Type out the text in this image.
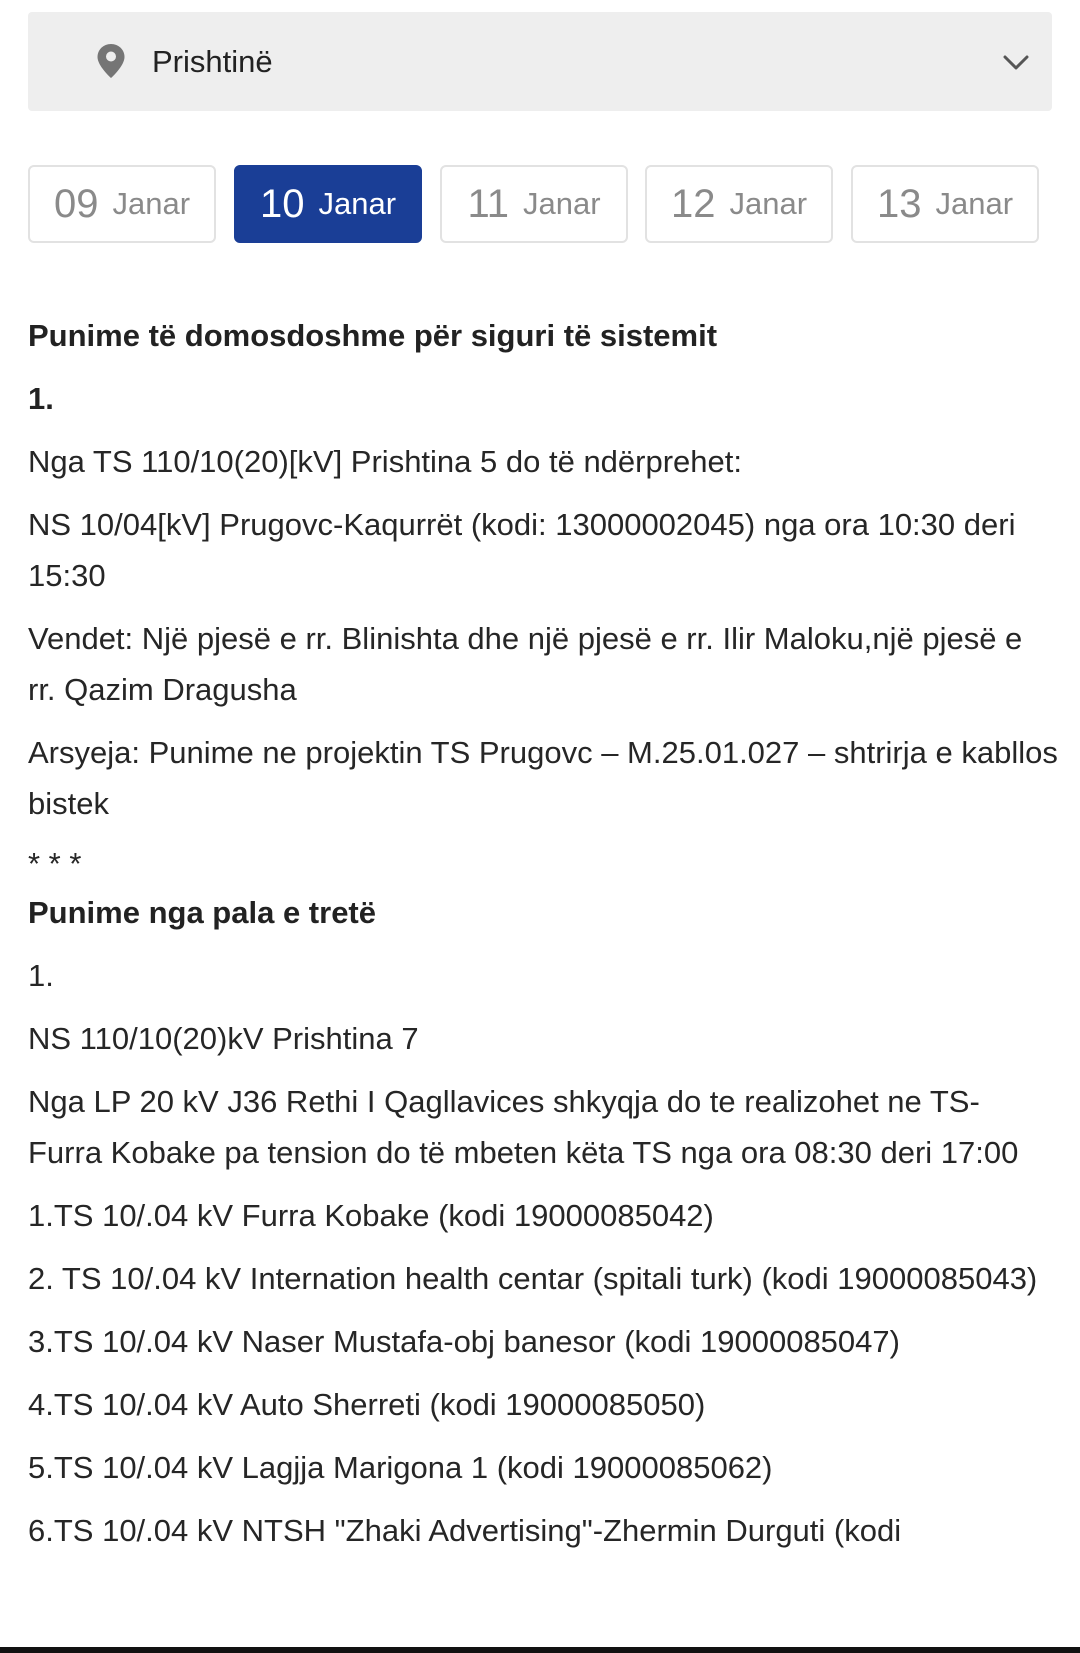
Prishtinë
09 Janar 10 Janar 11 Janar 12 Janar 13 Janar

Punime të domosdoshme për siguri të sistemit

1.

Nga TS 110/10(20)[kV] Prishtina 5 do të ndërprehet:

NS 10/04[kV] Prugovc-Kaqurrët (kodi: 13000002045) nga ora 10:30 deri 15:30

Vendet: Një pjesë e rr. Blinishta dhe një pjesë e rr. Ilir Maloku,një pjesë e rr. Qazim Dragusha

Arsyeja: Punime ne projektin TS Prugovc – M.25.01.027 – shtrirja e kabllos bistek

* * *

Punime nga pala e tretë

1.

NS 110/10(20)kV Prishtina 7

Nga LP 20 kV J36 Rethi I Qagllavices shkyqja do te realizohet ne TS- Furra Kobake pa tension do të mbeten këta TS nga ora 08:30 deri 17:00

1.TS 10/.04 kV Furra Kobake (kodi 19000085042)

2. TS 10/.04 kV Internation health centar (spitali turk) (kodi 19000085043)

3.TS 10/.04 kV Naser Mustafa-obj banesor (kodi 19000085047)

4.TS 10/.04 kV Auto Sherreti (kodi 19000085050)

5.TS 10/.04 kV Lagjja Marigona 1 (kodi 19000085062)

6.TS 10/.04 kV NTSH "Zhaki Advertising"-Zhermin Durguti (kodi
